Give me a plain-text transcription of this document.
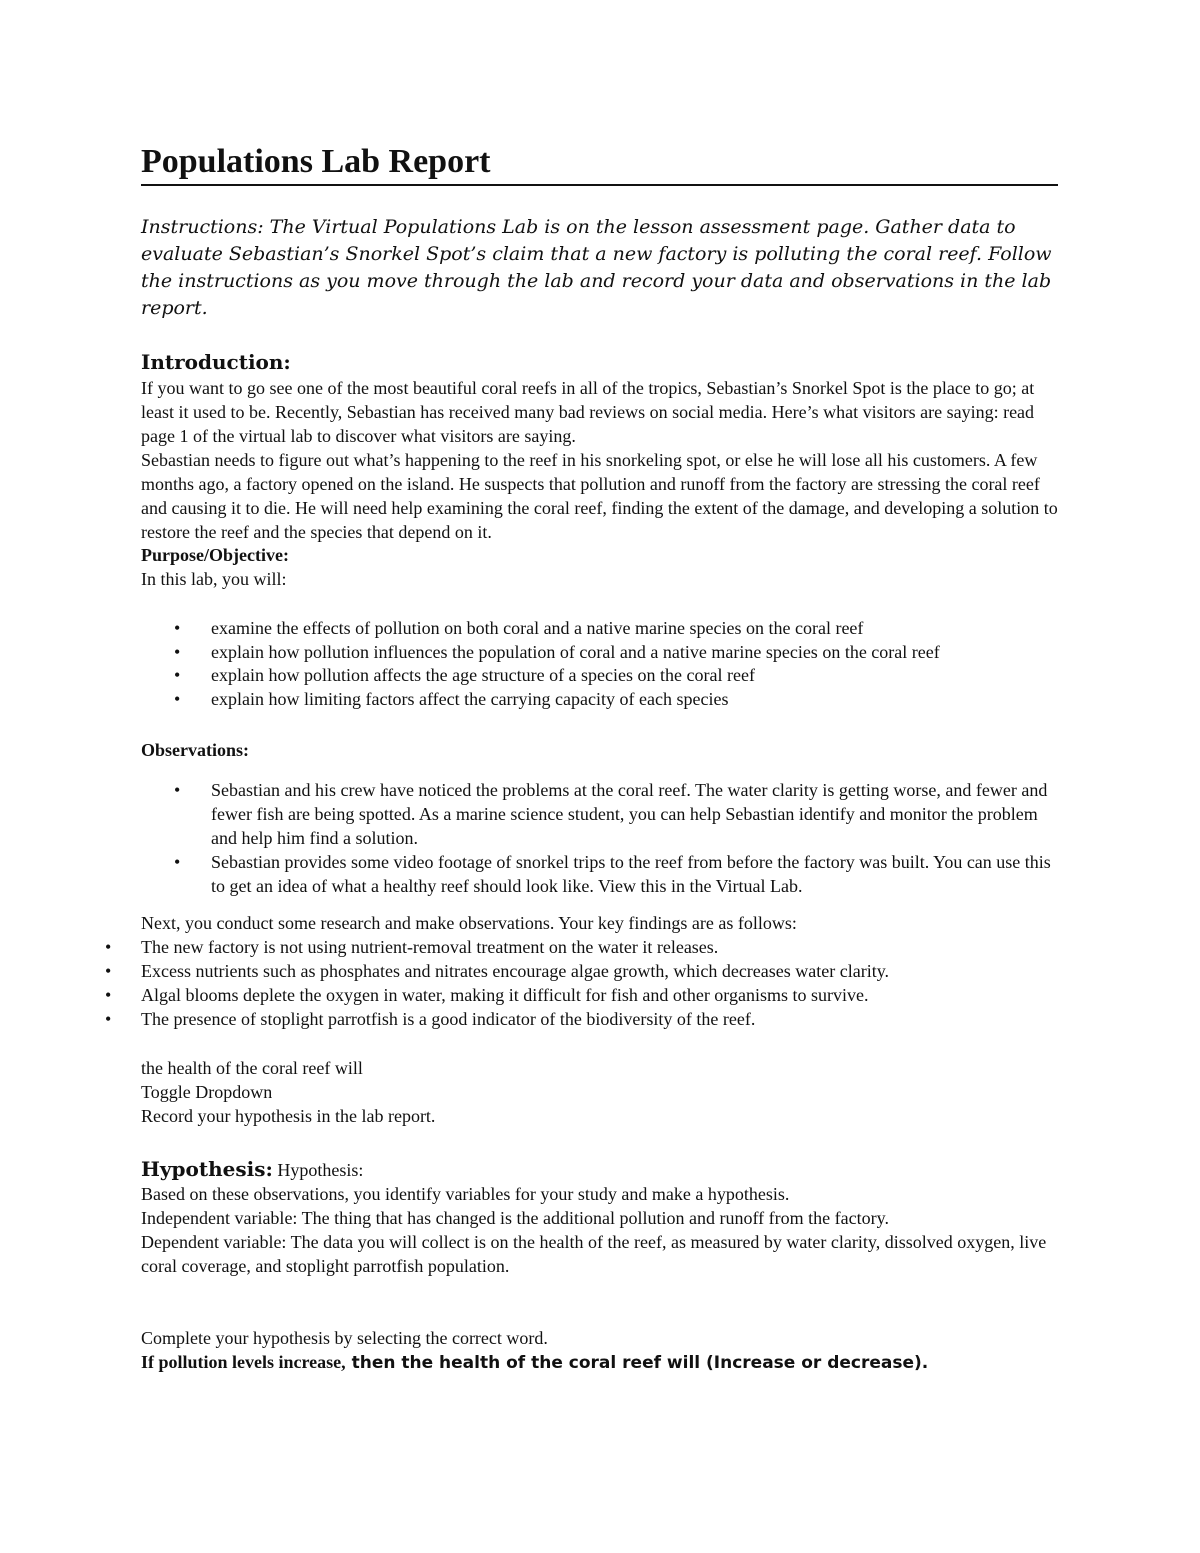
Populations Lab Report

Instructions: The Virtual Populations Lab is on the lesson assessment page. Gather data to evaluate Sebastian’s Snorkel Spot’s claim that a new factory is polluting the coral reef. Follow the instructions as you move through the lab and record your data and observations in the lab report.

Introduction:

If you want to go see one of the most beautiful coral reefs in all of the tropics, Sebastian’s Snorkel Spot is the place to go; at least it used to be. Recently, Sebastian has received many bad reviews on social media. Here’s what visitors are saying: read page 1 of the virtual lab to discover what visitors are saying.

Sebastian needs to figure out what’s happening to the reef in his snorkeling spot, or else he will lose all his customers. A few months ago, a factory opened on the island. He suspects that pollution and runoff from the factory are stressing the coral reef and causing it to die. He will need help examining the coral reef, finding the extent of the damage, and developing a solution to restore the reef and the species that depend on it.

Purpose/Objective:
In this lab, you will:
• examine the effects of pollution on both coral and a native marine species on the coral reef
• explain how pollution influences the population of coral and a native marine species on the coral reef
• explain how pollution affects the age structure of a species on the coral reef
• explain how limiting factors affect the carrying capacity of each species
Observations:
• Sebastian and his crew have noticed the problems at the coral reef. The water clarity is getting worse, and fewer and fewer fish are being spotted. As a marine science student, you can help Sebastian identify and monitor the problem and help him find a solution.
• Sebastian provides some video footage of snorkel trips to the reef from before the factory was built. You can use this to get an idea of what a healthy reef should look like. View this in the Virtual Lab.

Next, you conduct some research and make observations. Your key findings are as follows:

• The new factory is not using nutrient-removal treatment on the water it releases.
• Excess nutrients such as phosphates and nitrates encourage algae growth, which decreases water clarity.
• Algal blooms deplete the oxygen in water, making it difficult for fish and other organisms to survive.
• The presence of stoplight parrotfish is a good indicator of the biodiversity of the reef.

the health of the coral reef will

Toggle Dropdown

Record your hypothesis in the lab report.

Hypothesis: Hypothesis:

Based on these observations, you identify variables for your study and make a hypothesis.

Independent variable: The thing that has changed is the additional pollution and runoff from the factory.

Dependent variable: The data you will collect is on the health of the reef, as measured by water clarity, dissolved oxygen, live coral coverage, and stoplight parrotfish population.

Complete your hypothesis by selecting the correct word.

If pollution levels increase, then the health of the coral reef will (Increase or decrease).
